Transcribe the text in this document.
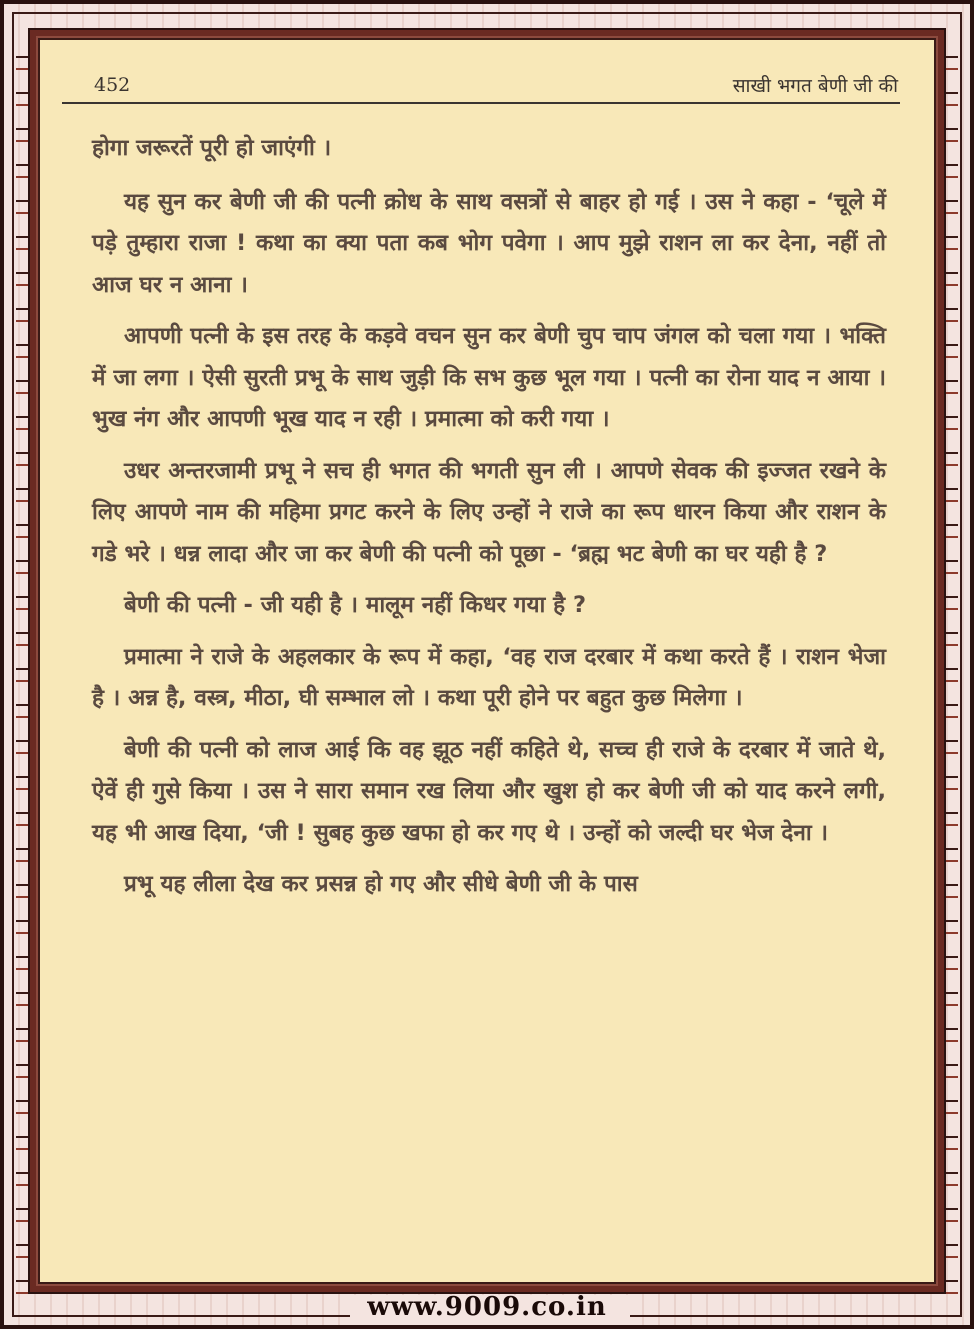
452	साखी भगत बेणी जी की

होगा जरूरतें पूरी हो जाएंगी ।

यह सुन कर बेणी जी की पत्नी क्रोध के साथ वसत्रों से बाहर हो गई । उस ने कहा - ‘चूले में पड़े तुम्हारा राजा ! कथा का क्या पता कब भोग पवेगा । आप मुझे राशन ला कर देना, नहीं तो आज घर न आना ।

आपणी पत्नी के इस तरह के कड़वे वचन सुन कर बेणी चुप चाप जंगल को चला गया । भक्ति में जा लगा । ऐसी सुरती प्रभू के साथ जुड़ी कि सभ कुछ भूल गया । पत्नी का रोना याद न आया । भुख नंग और आपणी भूख याद न रही । प्रमात्मा को करी गया ।

उधर अन्तरजामी प्रभू ने सच ही भगत की भगती सुन ली । आपणे सेवक की इज्जत रखने के लिए आपणे नाम की महिमा प्रगट करने के लिए उन्हों ने राजे का रूप धारन किया और राशन के गडे भरे । धन्न लादा और जा कर बेणी की पत्नी को पूछा - ‘ब्रह्म भट बेणी का घर यही है ?

बेणी की पत्नी - जी यही है । मालूम नहीं किधर गया है ?

प्रमात्मा ने राजे के अहलकार के रूप में कहा, ‘वह राज दरबार में कथा करते हैं । राशन भेजा है । अन्न है, वस्त्र, मीठा, घी सम्भाल लो । कथा पूरी होने पर बहुत कुछ मिलेगा ।

बेणी की पत्नी को लाज आई कि वह झूठ नहीं कहिते थे, सच्च ही राजे के दरबार में जाते थे, ऐवें ही गुसे किया । उस ने सारा समान रख लिया और खुश हो कर बेणी जी को याद करने लगी, यह भी आख दिया, ‘जी ! सुबह कुछ खफा हो कर गए थे । उन्हों को जल्दी घर भेज देना ।

प्रभू यह लीला देख कर प्रसन्न हो गए और सीधे बेणी जी के पास

www.9009.co.in
